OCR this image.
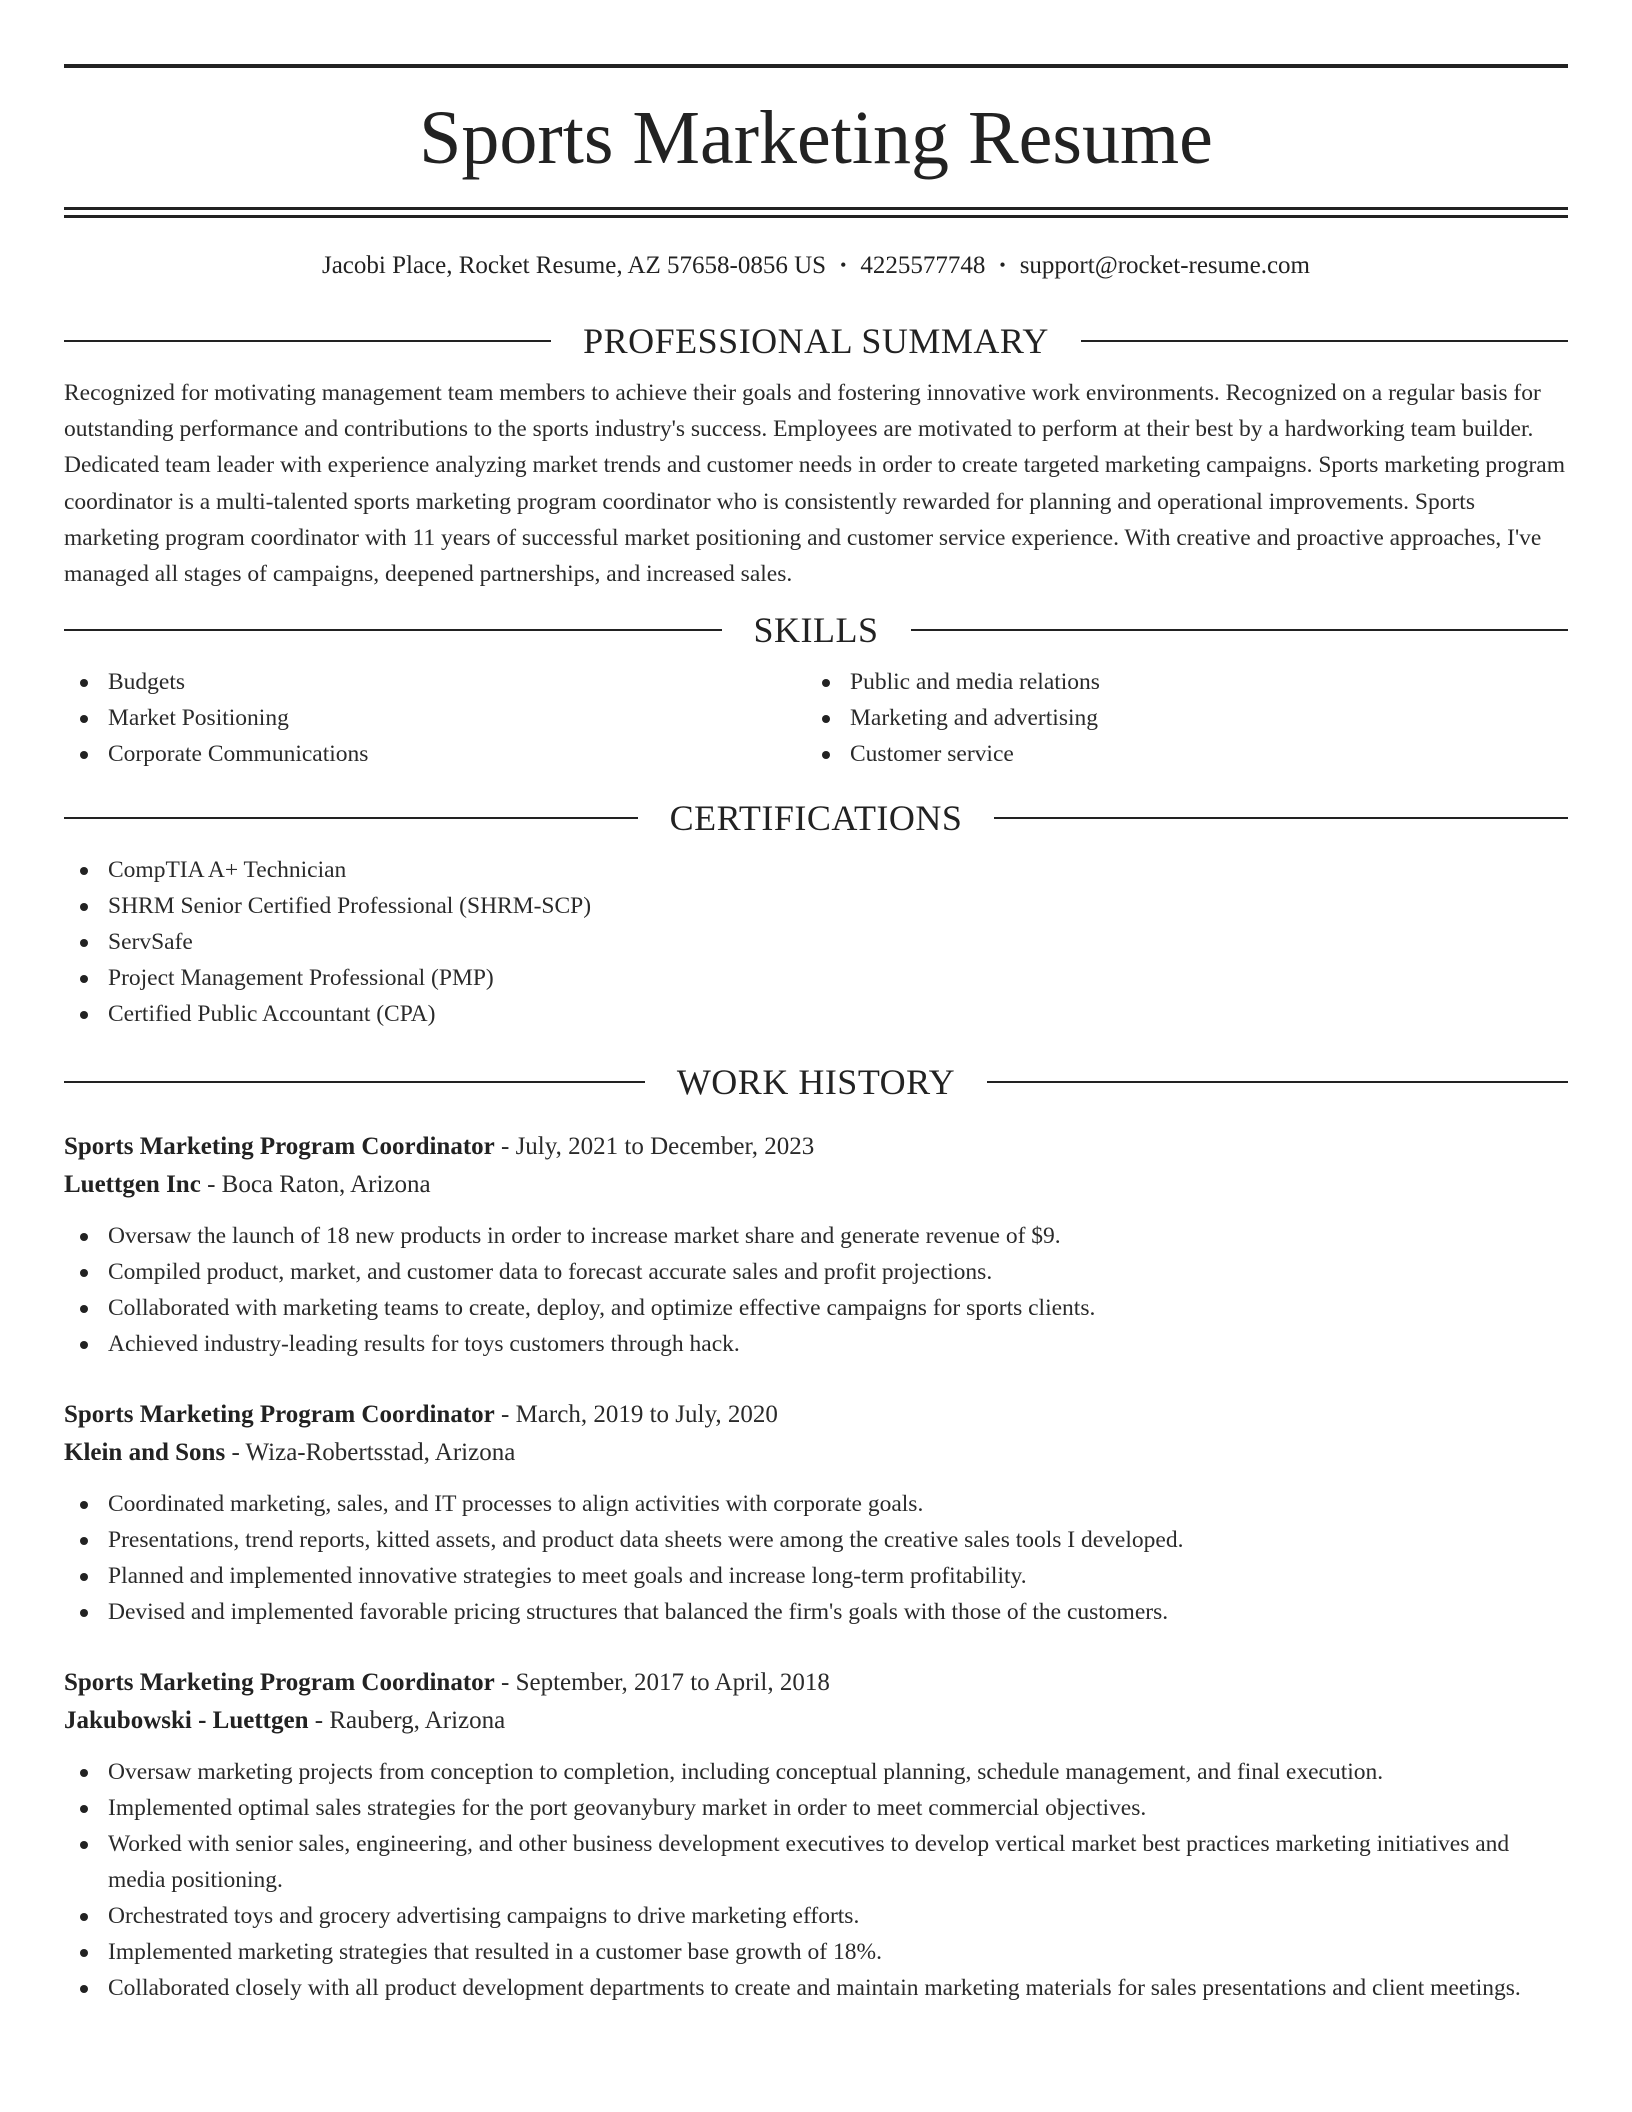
Sports Marketing Resume
Jacobi Place, Rocket Resume, AZ 57658-0856 US • 4225577748 • support@rocket-resume.com
PROFESSIONAL SUMMARY

Recognized for motivating management team members to achieve their goals and fostering innovative work environments. Recognized on a regular basis for outstanding performance and contributions to the sports industry's success. Employees are motivated to perform at their best by a hardworking team builder. Dedicated team leader with experience analyzing market trends and customer needs in order to create targeted marketing campaigns. Sports marketing program coordinator is a multi-talented sports marketing program coordinator who is consistently rewarded for planning and operational improvements. Sports marketing program coordinator with 11 years of successful market positioning and customer service experience. With creative and proactive approaches, I've managed all stages of campaigns, deepened partnerships, and increased sales.

SKILLS
Budgets
Market Positioning
Corporate Communications
Public and media relations
Marketing and advertising
Customer service
CERTIFICATIONS
CompTIA A+ Technician
SHRM Senior Certified Professional (SHRM-SCP)
ServSafe
Project Management Professional (PMP)
Certified Public Accountant (CPA)
WORK HISTORY
Sports Marketing Program Coordinator - July, 2021 to December, 2023
Luettgen Inc - Boca Raton, Arizona
Oversaw the launch of 18 new products in order to increase market share and generate revenue of $9.
Compiled product, market, and customer data to forecast accurate sales and profit projections.
Collaborated with marketing teams to create, deploy, and optimize effective campaigns for sports clients.
Achieved industry-leading results for toys customers through hack.
Sports Marketing Program Coordinator - March, 2019 to July, 2020
Klein and Sons - Wiza-Robertsstad, Arizona
Coordinated marketing, sales, and IT processes to align activities with corporate goals.
Presentations, trend reports, kitted assets, and product data sheets were among the creative sales tools I developed.
Planned and implemented innovative strategies to meet goals and increase long-term profitability.
Devised and implemented favorable pricing structures that balanced the firm's goals with those of the customers.
Sports Marketing Program Coordinator - September, 2017 to April, 2018
Jakubowski - Luettgen - Rauberg, Arizona
Oversaw marketing projects from conception to completion, including conceptual planning, schedule management, and final execution.
Implemented optimal sales strategies for the port geovanybury market in order to meet commercial objectives.
Worked with senior sales, engineering, and other business development executives to develop vertical market best practices marketing initiatives and media positioning.
Orchestrated toys and grocery advertising campaigns to drive marketing efforts.
Implemented marketing strategies that resulted in a customer base growth of 18%.
Collaborated closely with all product development departments to create and maintain marketing materials for sales presentations and client meetings.
